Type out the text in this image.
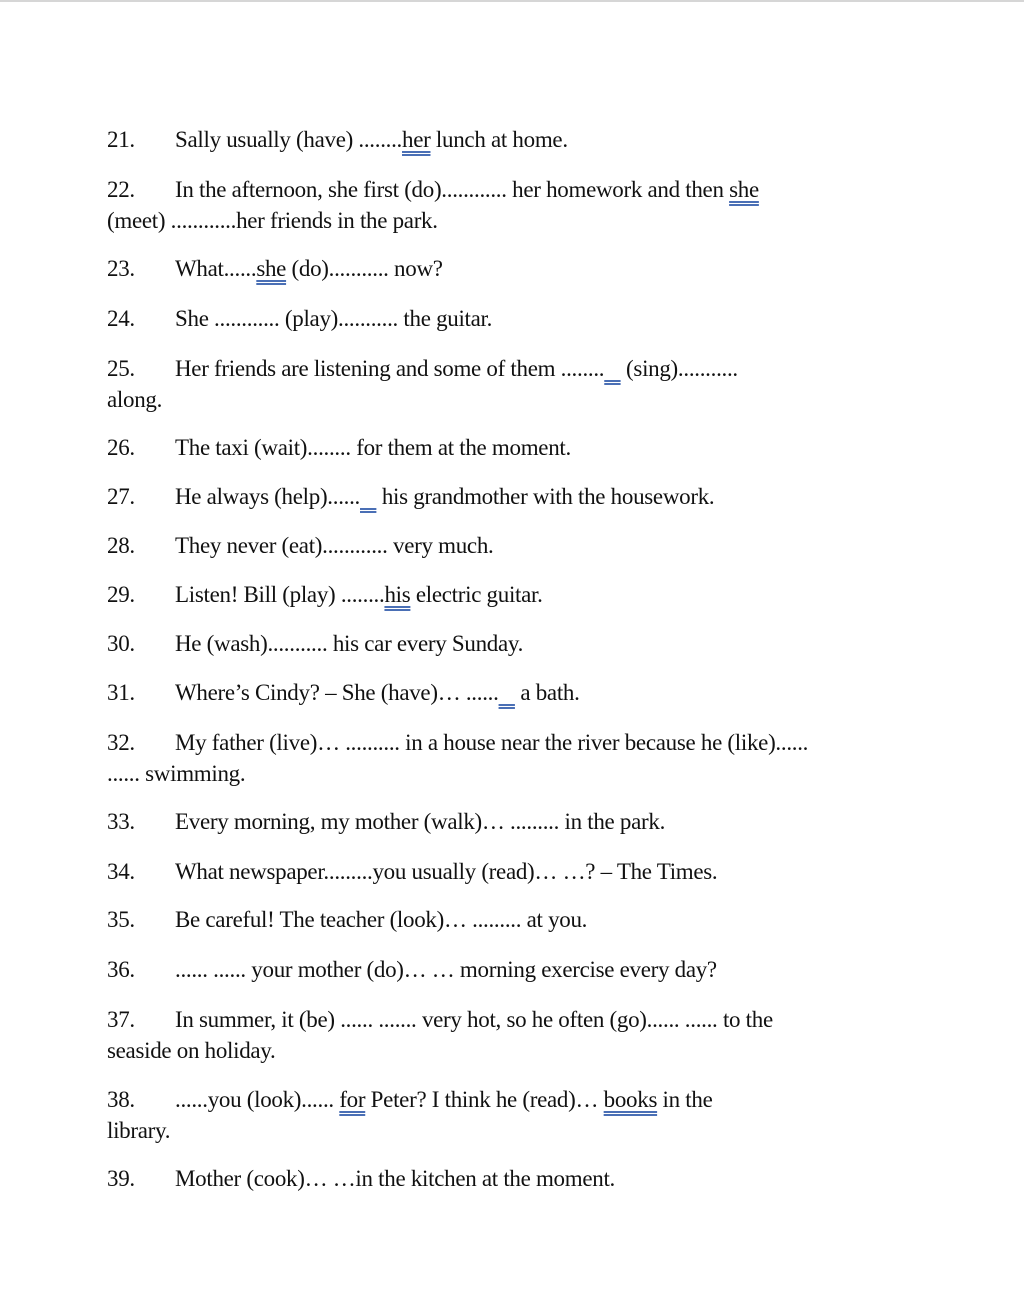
21. Sally usually (have) ........her lunch at home.
22. In the afternoon, she first (do)............ her homework and then she
(meet) ............her friends in the park.
23. What......she (do)........... now?
24. She ............ (play)........... the guitar.
25. Her friends are listening and some of them ........    (sing)...........
along.
26. The taxi (wait)........ for them at the moment.
27. He always (help)......    his grandmother with the housework.
28. They never (eat)............ very much.
29. Listen! Bill (play) ........his electric guitar.
30. He (wash)........... his car every Sunday.
31. Where’s Cindy? – She (have)… ......    a bath.
32. My father (live)… .......... in a house near the river because he (like)......
...... swimming.
33. Every morning, my mother (walk)… ......... in the park.
34. What newspaper.........you usually (read)… …? – The Times.
35. Be careful! The teacher (look)… ......... at you.
36. ...... ...... your mother (do)… … morning exercise every day?
37. In summer, it (be) ...... ....... very hot, so he often (go)...... ...... to the
seaside on holiday.
38. ......you (look)...... for Peter? I think he (read)… books in the
library.
39. Mother (cook)… …in the kitchen at the moment.
